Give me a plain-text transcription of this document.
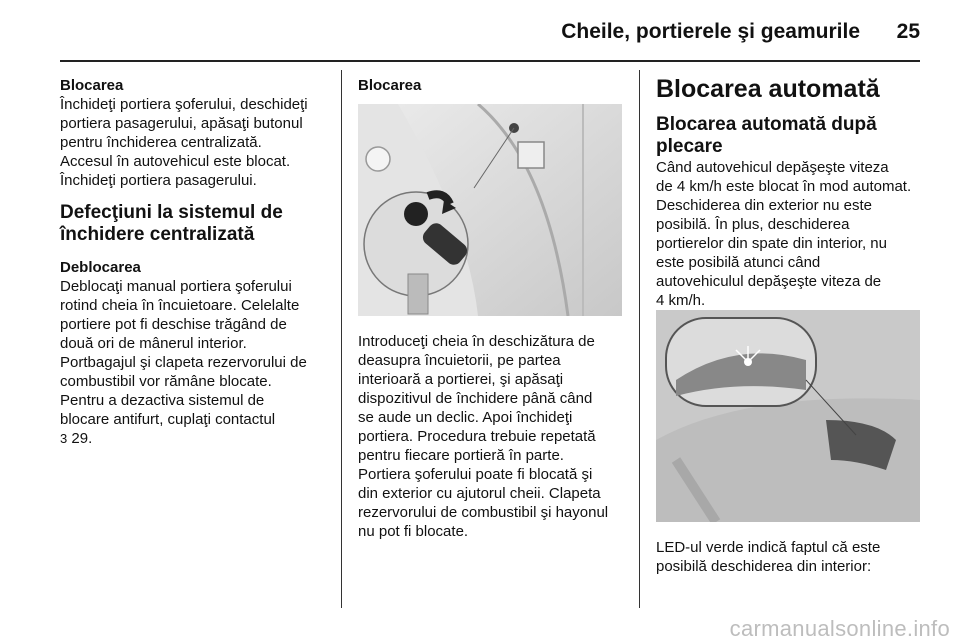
Cheile, portierele şi geamurile	25
Blocarea
Închideţi portiera şoferului, deschideţi
portiera pasagerului, apăsaţi butonul
pentru închiderea centralizată.
Accesul în autovehicul este blocat.
Închideţi portiera pasagerului.
Defecţiuni la sistemul de
închidere centralizată
Deblocarea
Deblocaţi manual portiera şoferului
rotind cheia în încuietoare. Celelalte
portiere pot fi deschise trăgând de
două ori de mânerul interior.
Portbagajul şi clapeta rezervorului de
combustibil vor rămâne blocate.
Pentru a dezactiva sistemul de
blocare antifurt, cuplaţi contactul
3 29.
Blocarea
Introduceţi cheia în deschizătura de
deasupra încuietorii, pe partea
interioară a portierei, şi apăsaţi
dispozitivul de închidere până când
se aude un declic. Apoi închideţi
portiera. Procedura trebuie repetată
pentru fiecare portieră în parte.
Portiera şoferului poate fi blocată şi
din exterior cu ajutorul cheii. Clapeta
rezervorului de combustibil şi hayonul
nu pot fi blocate.
Blocarea automată
Blocarea automată după
plecare
Când autovehicul depăşeşte viteza
de 4 km/h este blocat în mod automat.
Deschiderea din exterior nu este
posibilă. În plus, deschiderea
portierelor din spate din interior, nu
este posibilă atunci când
autovehiculul depăşeşte viteza de
4 km/h.
LED-ul verde indică faptul că este
posibilă deschiderea din interior:
carmanualsonline.info
